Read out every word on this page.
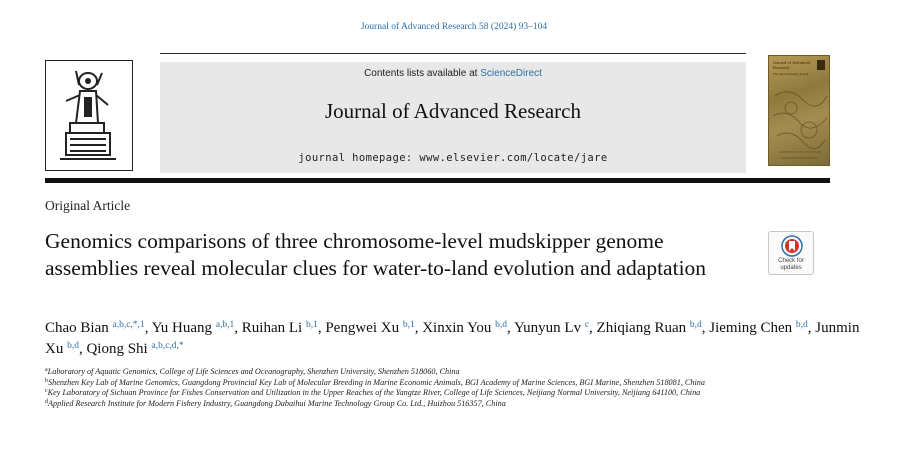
Journal of Advanced Research 58 (2024) 93–104
Contents lists available at ScienceDirect
Journal of Advanced Research
journal homepage: www.elsevier.com/locate/jare
Journal of Advanced Research
The Cairo University Journal
Original Article
Genomics comparisons of three chromosome-level mudskipper genome assemblies reveal molecular clues for water-to-land evolution and adaptation	Check for
updates
Chao Bian $^{a,b,c,*,1}$, Yu Huang $^{a,b,1}$, Ruihan Li $^{b,1}$, Pengwei Xu $^{b,1}$, Xinxin You $^{b,d}$, Yunyun Lv $^c$, Zhiqiang Ruan $^{b,d}$, Jieming Chen $^{b,d}$, Junmin Xu $^{b,d}$, Qiong Shi $^{a,b,c,d,*}$
$^a$Laboratory of Aquatic Genomics, College of Life Sciences and Oceanography, Shenzhen University, Shenzhen 518060, China
$^b$Shenzhen Key Lab of Marine Genomics, Guangdong Provincial Key Lab of Molecular Breeding in Marine Economic Animals, BGI Academy of Marine Sciences, BGI Marine, Shenzhen 518081, China
$^c$Key Laboratory of Sichuan Province for Fishes Conservation and Utilization in the Upper Reaches of the Yangtze River, College of Life Sciences, Neijiang Normal University, Neijiang 641100, China
$^d$Applied Research Institute for Modern Fishery Industry, Guangdong Dabaihui Marine Technology Group Co. Ltd., Huizhou 516357, China
